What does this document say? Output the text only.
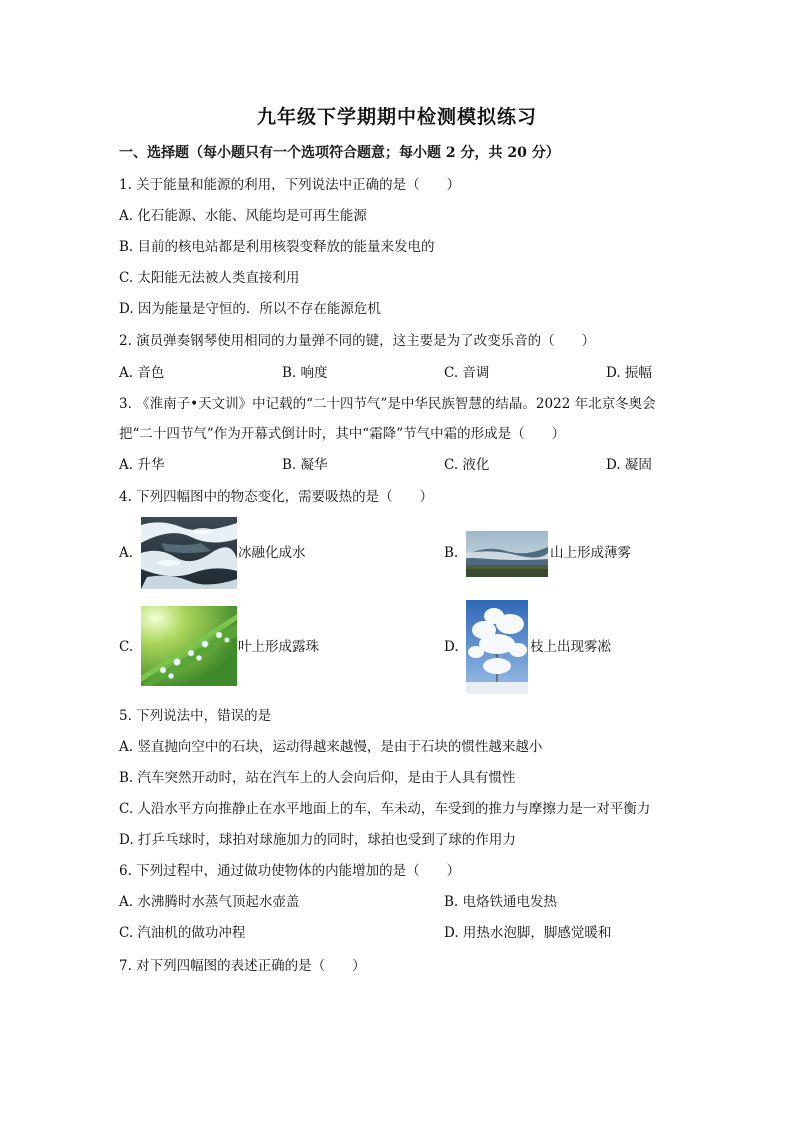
九年级下学期期中检测模拟练习
一、选择题（每小题只有一个选项符合题意；每小题 2 分，共 20 分）
1. 关于能量和能源的利用，下列说法中正确的是（　　）
A. 化石能源、水能、风能均是可再生能源
B. 目前的核电站都是利用核裂变释放的能量来发电的
C. 太阳能无法被人类直接利用
D. 因为能量是守恒的．所以不存在能源危机
2. 演员弹奏钢琴使用相同的力量弹不同的键，这主要是为了改变乐音的（　　）
A. 音色	B. 响度	C. 音调	D. 振幅
3. 《淮南子•天文训》中记载的“二十四节气”是中华民族智慧的结晶。2022 年北京冬奥会
把“二十四节气”作为开幕式倒计时，其中“霜降”节气中霜的形成是（　　）
A. 升华	B. 凝华	C. 液化	D. 凝固
4. 下列四幅图中的物态变化，需要吸热的是（　　）
A.	冰融化成水	B.	山上形成薄雾
C.	叶上形成露珠	D.	枝上出现雾凇
5. 下列说法中，错误的是
A. 竖直抛向空中的石块，运动得越来越慢，是由于石块的惯性越来越小
B. 汽车突然开动时，站在汽车上的人会向后仰，是由于人具有惯性
C. 人沿水平方向推静止在水平地面上的车，车未动，车受到的推力与摩擦力是一对平衡力
D. 打乒乓球时，球拍对球施加力的同时，球拍也受到了球的作用力
6. 下列过程中，通过做功使物体的内能增加的是（　　）
A. 水沸腾时水蒸气顶起水壶盖	B. 电烙铁通电发热
C. 汽油机的做功冲程	D. 用热水泡脚，脚感觉暖和
7. 对下列四幅图的表述正确的是（　　）
